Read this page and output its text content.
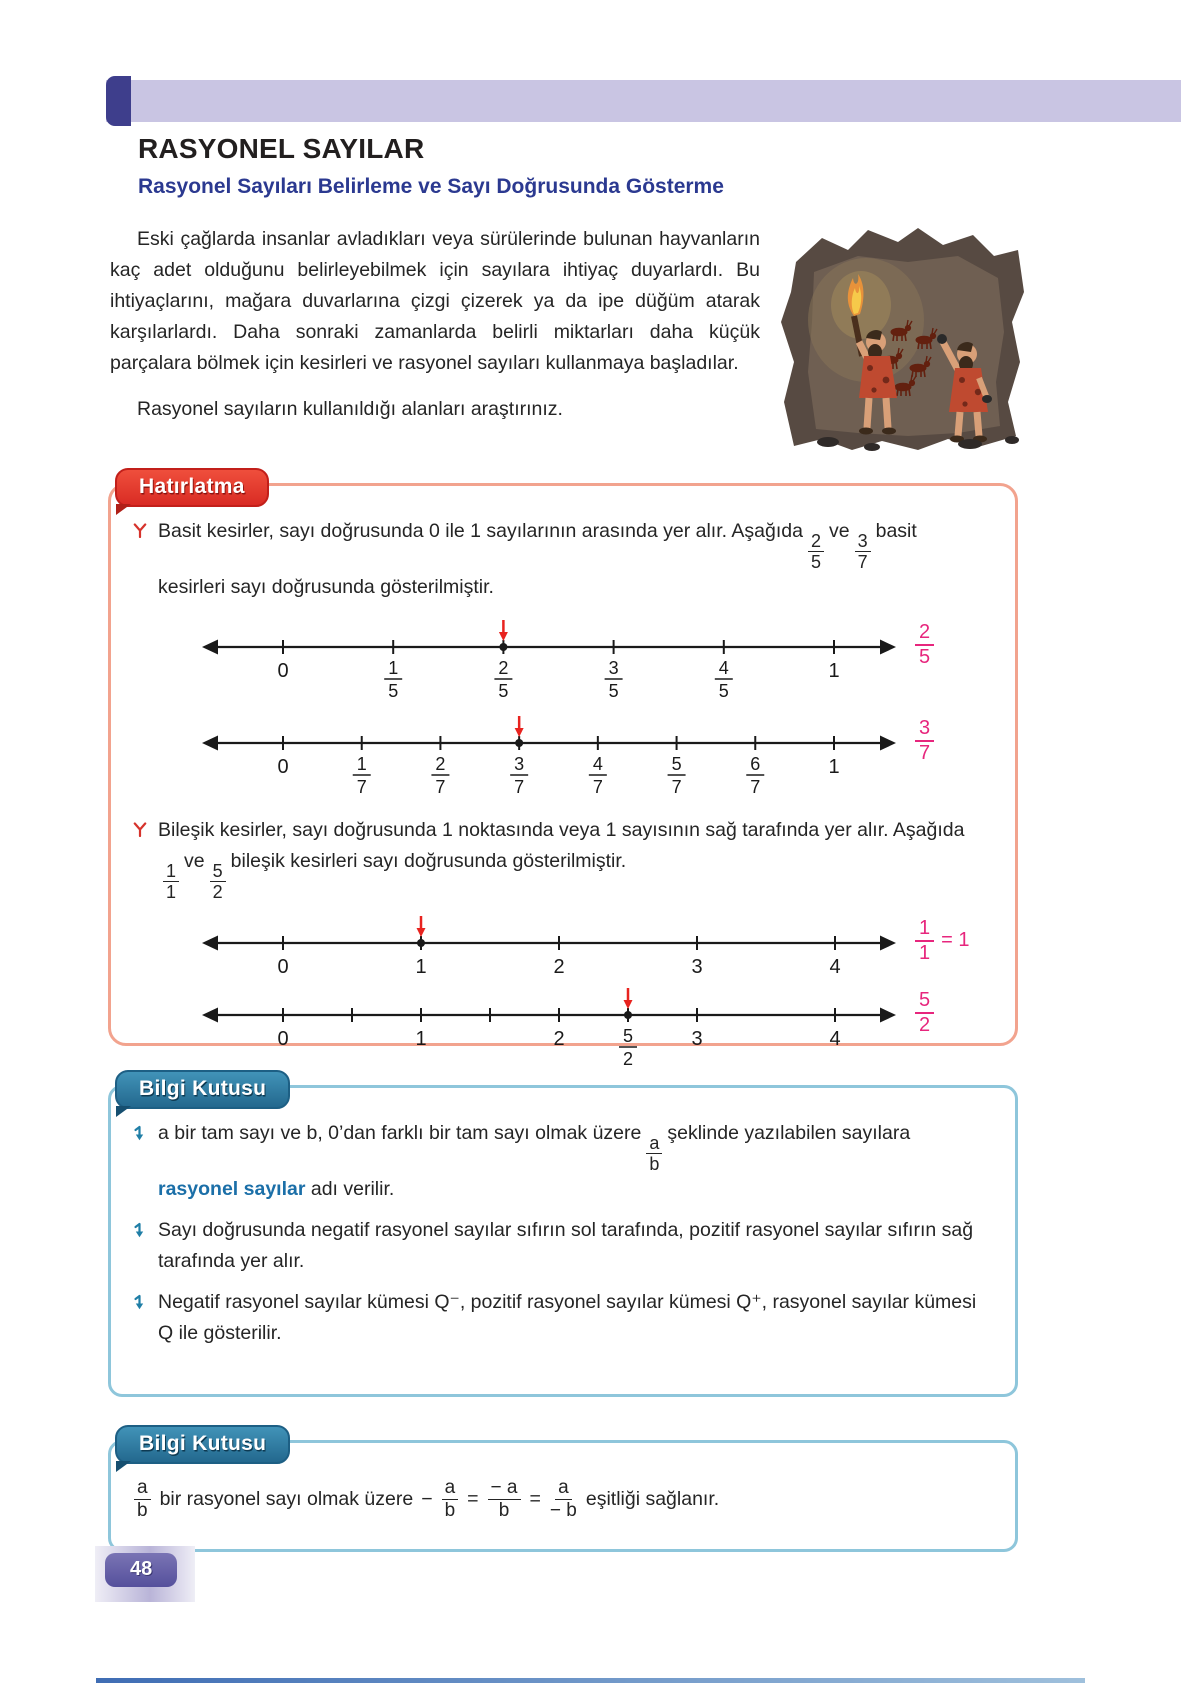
RASYONEL SAYILAR
Rasyonel Sayıları Belirleme ve Sayı Doğrusunda Gösterme

Eski çağlarda insanlar avladıkları veya sürülerinde bulunan hayvanların kaç adet olduğunu belirleyebilmek için sayılara ihtiyaç duyarlardı. Bu ihtiyaçlarını, mağara duvarlarına çizgi çizerek ya da ipe düğüm atarak karşılarlardı. Daha sonraki zamanlarda belirli miktarları daha küçük parçalara bölmek için kesirleri ve rasyonel sayıları kullanmaya başladılar.

Rasyonel sayıların kullanıldığı alanları araştırınız.

Hatırlatma
Basit kesirler, sayı doğrusunda 0 ile 1 sayılarının arasında yer alır. Aşağıda $\frac{2}{5}$ ve $\frac{3}{7}$ basit kesirleri sayı doğrusunda gösterilmiştir.
0	1
5
2
5
3
5
4
5
1
2
5
0	1
7
2
7
3
7
4
7
5
7
6
7
1
3
7
Bileşik kesirler, sayı doğrusunda 1 noktasında veya 1 sayısının sağ tarafında yer alır. Aşağıda
$\frac{1}{1}$ ve $\frac{5}{2}$ bileşik kesirleri sayı doğrusunda gösterilmiştir.
0	1	2	3	4
$\frac{1}{1} = 1$
0	1	2	5
2
3	4
5
2
Bilgi Kutusu
a bir tam sayı ve b, 0’dan farklı bir tam sayı olmak üzere $\frac{a}{b}$ şeklinde yazılabilen sayılara rasyonel sayılar adı verilir.
Sayı doğrusunda negatif rasyonel sayılar sıfırın sol tarafında, pozitif rasyonel sayılar sıfırın sağ tarafında yer alır.
Negatif rasyonel sayılar kümesi Q⁻, pozitif rasyonel sayılar kümesi Q⁺, rasyonel sayılar kümesi Q ile gösterilir.
Bilgi Kutusu
a
b
bir rasyonel sayı olmak üzere − $\frac{a}{b} = \frac{- a}{b} = \frac{a}{- b}$ eşitliği sağlanır.
48
